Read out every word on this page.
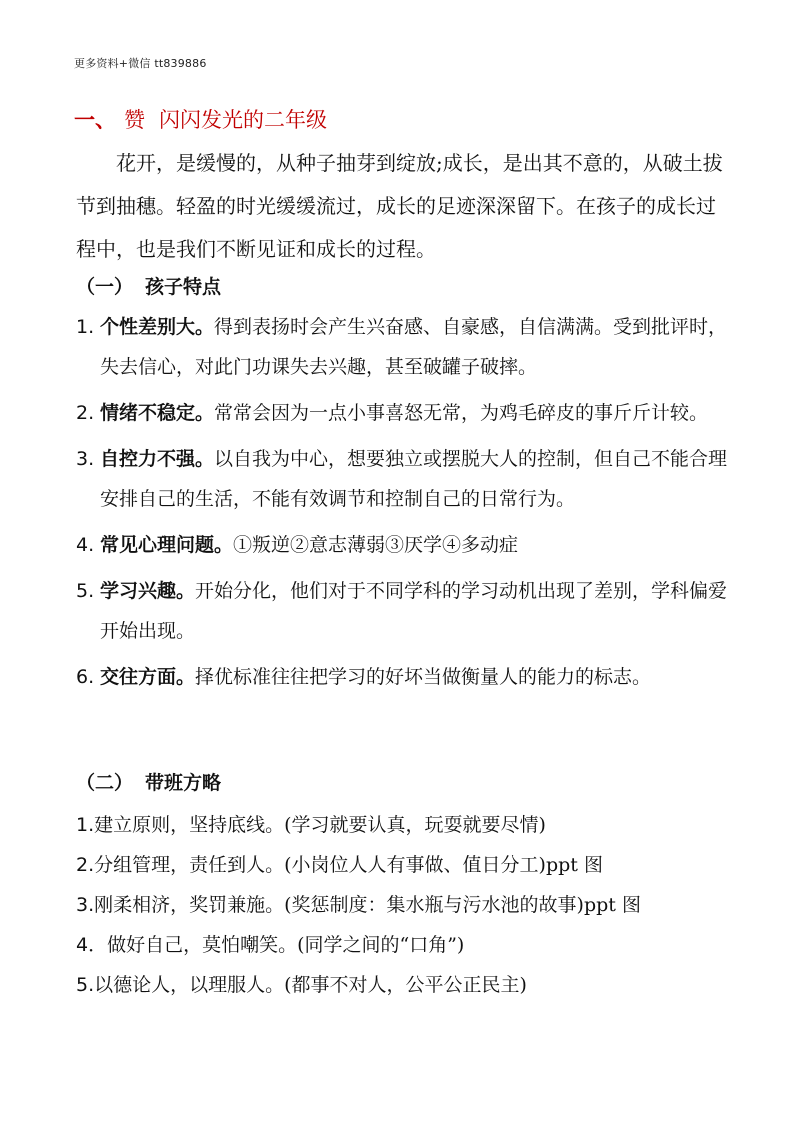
更多资料+微信 tt839886
一、 赞 闪闪发光的二年级

花开，是缓慢的，从种子抽芽到绽放;成长，是出其不意的，从破土拔节到抽穗。轻盈的时光缓缓流过，成长的足迹深深留下。在孩子的成长过程中，也是我们不断见证和成长的过程。

（一） 孩子特点
1. 个性差别大。得到表扬时会产生兴奋感、自豪感，自信满满。受到批评时，失去信心，对此门功课失去兴趣，甚至破罐子破摔。
2. 情绪不稳定。常常会因为一点小事喜怒无常，为鸡毛碎皮的事斤斤计较。
3. 自控力不强。以自我为中心，想要独立或摆脱大人的控制，但自己不能合理安排自己的生活，不能有效调节和控制自己的日常行为。
4. 常见心理问题。①叛逆②意志薄弱③厌学④多动症
5. 学习兴趣。开始分化，他们对于不同学科的学习动机出现了差别，学科偏爱开始出现。
6. 交往方面。择优标准往往把学习的好坏当做衡量人的能力的标志。
（二） 带班方略
1.建立原则，坚持底线。(学习就要认真，玩耍就要尽情)
2.分组管理，责任到人。(小岗位人人有事做、值日分工)ppt 图
3.刚柔相济，奖罚兼施。(奖惩制度：集水瓶与污水池的故事)ppt 图
4．做好自己，莫怕嘲笑。(同学之间的“口角”)
5.以德论人，以理服人。(都事不对人，公平公正民主)
